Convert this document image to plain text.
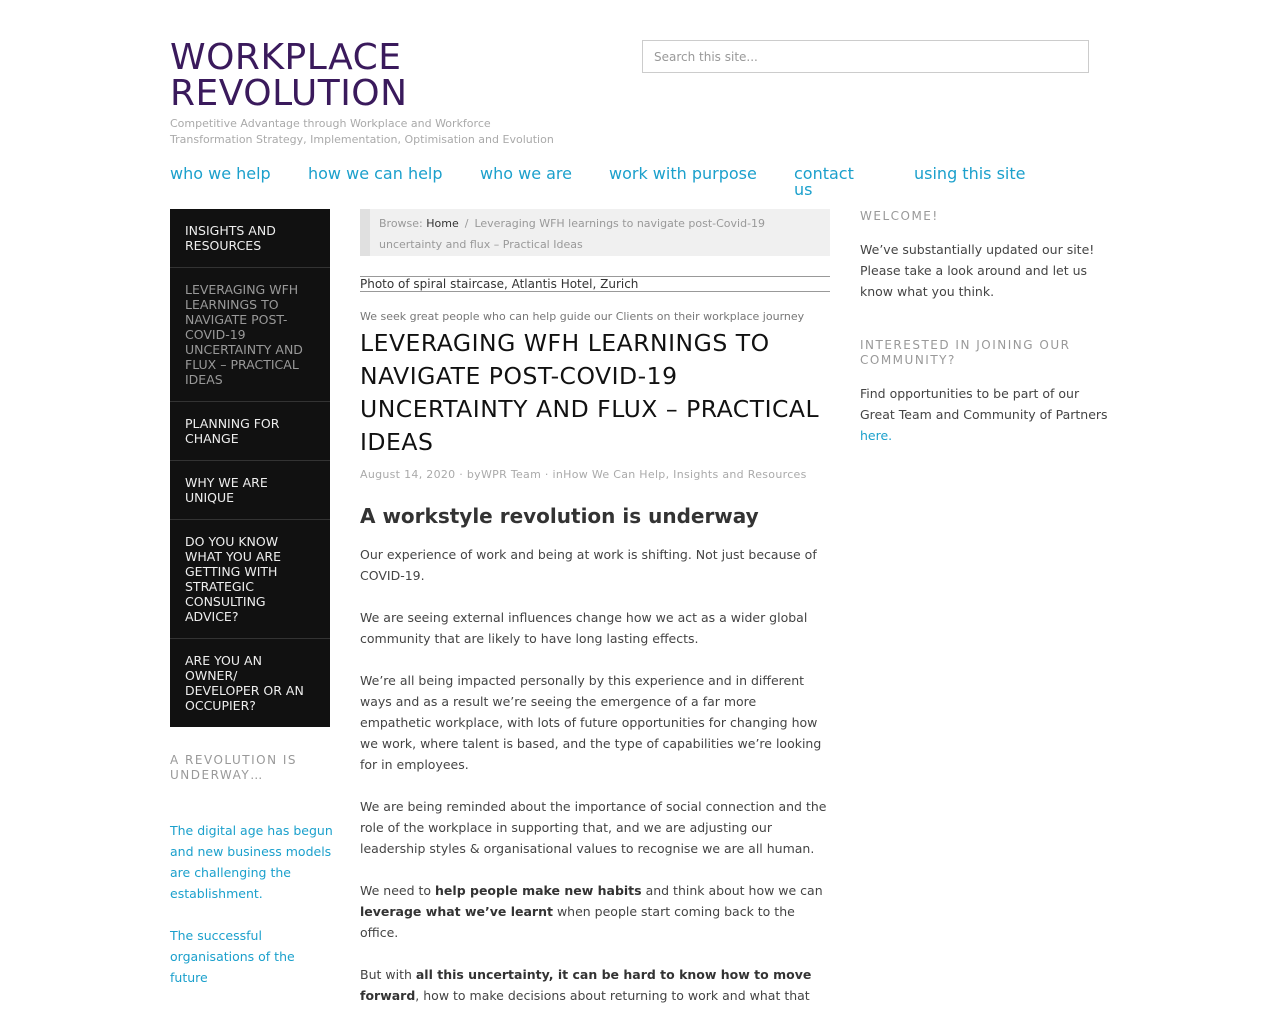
WORKPLACE REVOLUTION
Competitive Advantage through Workplace and Workforce Transformation Strategy, Implementation, Optimisation and Evolution
Search this site...
who we help how we can help who we are work with purpose contact us
using this site
INSIGHTS AND RESOURCES
LEVERAGING WFH LEARNINGS TO NAVIGATE POST-COVID-19 UNCERTAINTY AND FLUX – PRACTICAL IDEAS
PLANNING FOR CHANGE
WHY WE ARE UNIQUE
DO YOU KNOW WHAT YOU ARE GETTING WITH STRATEGIC CONSULTING ADVICE?
ARE YOU AN OWNER/ DEVELOPER OR AN OCCUPIER?
A REVOLUTION IS UNDERWAY…

The digital age has begun and new business models are challenging the establishment.

The successful organisations of the future

Browse: Home / Leveraging WFH learnings to navigate post-Covid-19 uncertainty and flux – Practical Ideas
Photo of spiral staircase, Atlantis Hotel, Zurich
We seek great people who can help guide our Clients on their workplace journey
LEVERAGING WFH LEARNINGS TO NAVIGATE POST-COVID-19 UNCERTAINTY AND FLUX – PRACTICAL IDEAS
August 14, 2020 · byWPR Team · inHow We Can Help, Insights and Resources
A workstyle revolution is underway

Our experience of work and being at work is shifting. Not just because of COVID-19.

We are seeing external influences change how we act as a wider global community that are likely to have long lasting effects.

We’re all being impacted personally by this experience and in different ways and as a result we’re seeing the emergence of a far more empathetic workplace, with lots of future opportunities for changing how we work, where talent is based, and the type of capabilities we’re looking for in employees.

We are being reminded about the importance of social connection and the role of the workplace in supporting that, and we are adjusting our leadership styles & organisational values to recognise we are all human.

We need to help people make new habits and think about how we can leverage what we’ve learnt when people start coming back to the office.

But with all this uncertainty, it can be hard to know how to move forward, how to make decisions about returning to work and what that

WELCOME!
We’ve substantially updated our site! Please take a look around and let us know what you think.
INTERESTED IN JOINING OUR COMMUNITY?
Find opportunities to be part of our Great Team and Community of Partners here.
